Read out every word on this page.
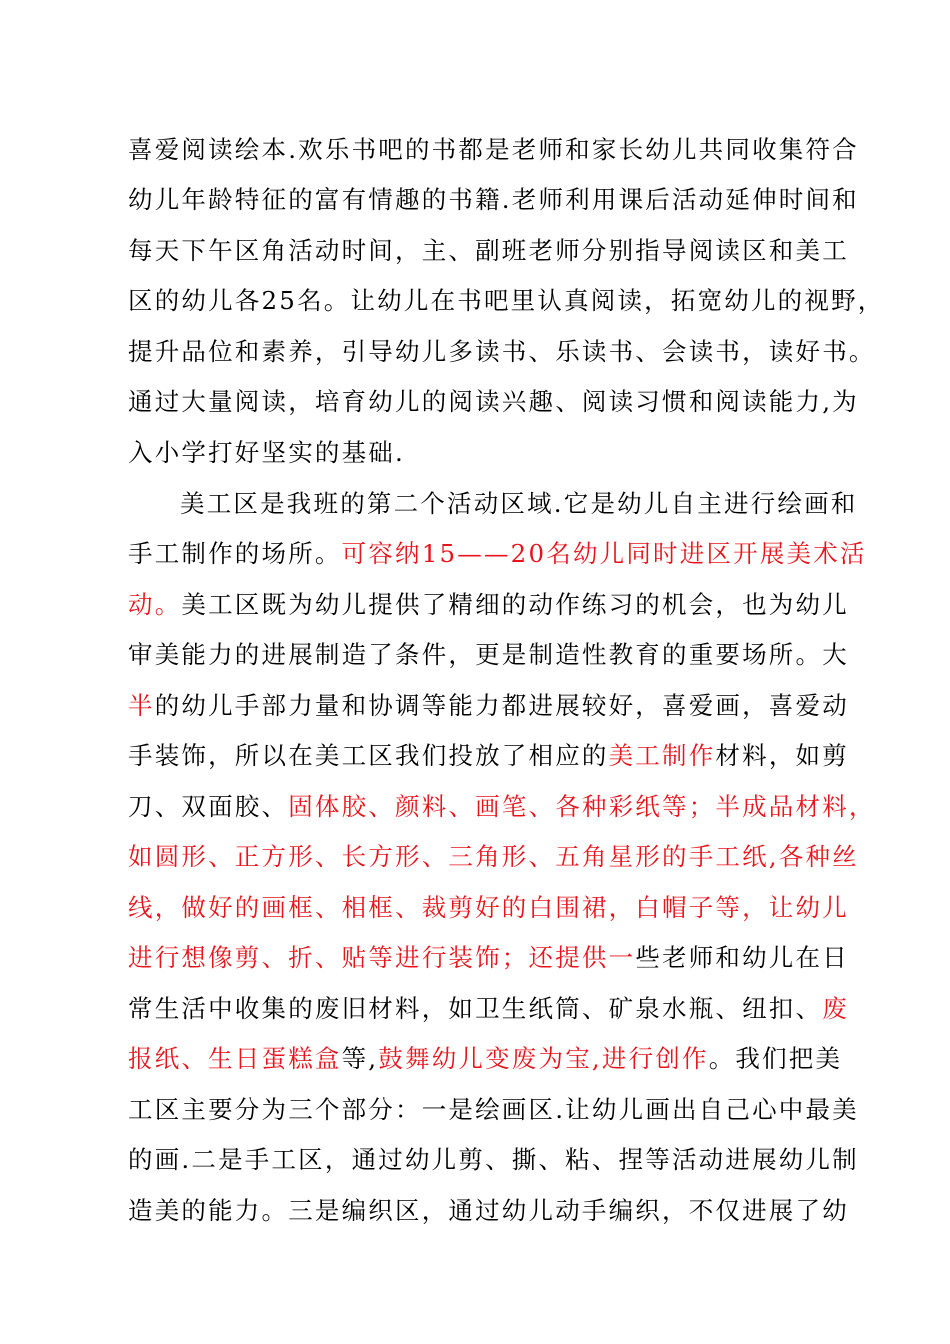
喜爱阅读绘本.欢乐书吧的书都是老师和家长幼儿共同收集符合
幼儿年龄特征的富有情趣的书籍.老师利用课后活动延伸时间和
每天下午区角活动时间，主、副班老师分别指导阅读区和美工
区的幼儿各25名。让幼儿在书吧里认真阅读，拓宽幼儿的视野，
提升品位和素养，引导幼儿多读书、乐读书、会读书，读好书。
通过大量阅读，培育幼儿的阅读兴趣、阅读习惯和阅读能力,为
入小学打好坚实的基础.
美工区是我班的第二个活动区域.它是幼儿自主进行绘画和
手工制作的场所。可容纳15——20名幼儿同时进区开展美术活
动。美工区既为幼儿提供了精细的动作练习的机会，也为幼儿
审美能力的进展制造了条件，更是制造性教育的重要场所。大
半的幼儿手部力量和协调等能力都进展较好，喜爱画，喜爱动
手装饰，所以在美工区我们投放了相应的美工制作材料，如剪
刀、双面胶、固体胶、颜料、画笔、各种彩纸等；半成品材料，
如圆形、正方形、长方形、三角形、五角星形的手工纸,各种丝
线，做好的画框、相框、裁剪好的白围裙，白帽子等，让幼儿
进行想像剪、折、贴等进行装饰；还提供一些老师和幼儿在日
常生活中收集的废旧材料，如卫生纸筒、矿泉水瓶、纽扣、废
报纸、生日蛋糕盒等,鼓舞幼儿变废为宝,进行创作。我们把美
工区主要分为三个部分：一是绘画区.让幼儿画出自己心中最美
的画.二是手工区，通过幼儿剪、撕、粘、捏等活动进展幼儿制
造美的能力。三是编织区，通过幼儿动手编织，不仅进展了幼
